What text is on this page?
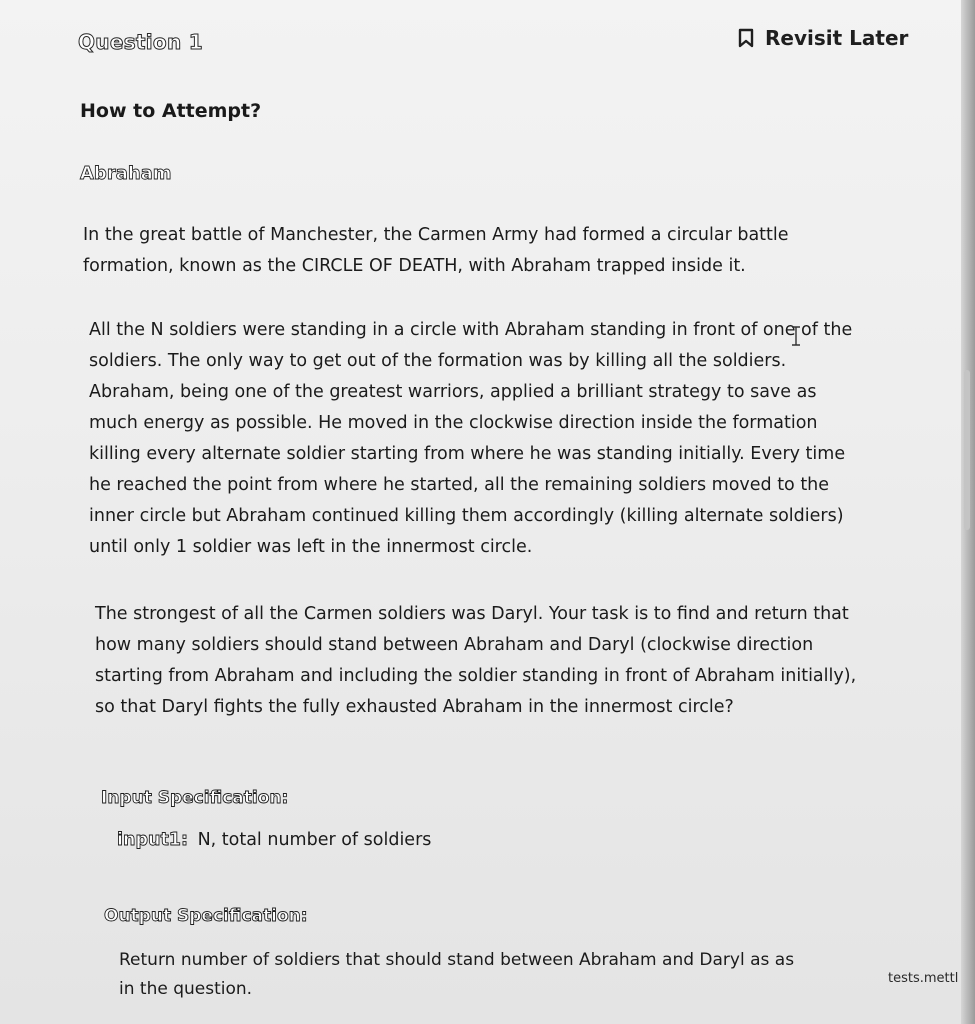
Question 1	Revisit Later
How to Attempt?
Abraham

In the great battle of Manchester, the Carmen Army had formed a circular battle
formation, known as the CIRCLE OF DEATH, with Abraham trapped inside it.

All the N soldiers were standing in a circle with Abraham standing in front of one of the
soldiers. The only way to get out of the formation was by killing all the soldiers.
Abraham, being one of the greatest warriors, applied a brilliant strategy to save as
much energy as possible. He moved in the clockwise direction inside the formation
killing every alternate soldier starting from where he was standing initially. Every time
he reached the point from where he started, all the remaining soldiers moved to the
inner circle but Abraham continued killing them accordingly (killing alternate soldiers)
until only 1 soldier was left in the innermost circle.

The strongest of all the Carmen soldiers was Daryl. Your task is to find and return that
how many soldiers should stand between Abraham and Daryl (clockwise direction
starting from Abraham and including the soldier standing in front of Abraham initially),
so that Daryl fights the fully exhausted Abraham in the innermost circle?

Input Specification:
input1: N, total number of soldiers
Output Specification:

Return number of soldiers that should stand between Abraham and Daryl as as
in the question.

tests.mettl
